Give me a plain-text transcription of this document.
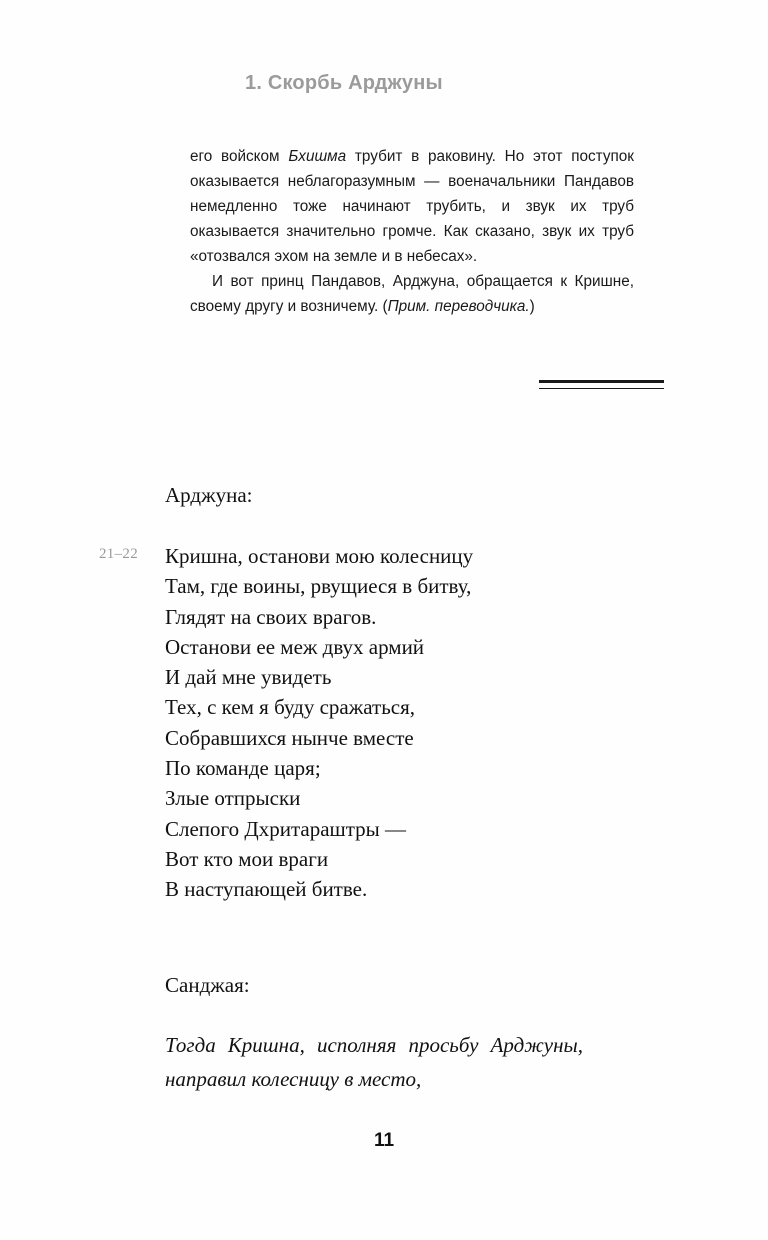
1. Скорбь Арджуны

его войском Бхишма трубит в раковину. Но этот поступок оказывается неблагоразумным — военачальники Пандавов немедленно тоже начинают трубить, и звук их труб оказывается значительно громче. Как сказано, звук их труб «отозвался эхом на земле и в небесах».

И вот принц Пандавов, Арджуна, обращается к Кришне, своему другу и возничему. (Прим. переводчика.)

Арджуна:
21–22 Кришна, останови мою колесницу
Там, где воины, рвущиеся в битву,
Глядят на своих врагов.
Останови ее меж двух армий
И дай мне увидеть
Тех, с кем я буду сражаться,
Собравшихся нынче вместе
По команде царя;
Злые отпрыски
Слепого Дхритараштры —
Вот кто мои враги
В наступающей битве.
Санджая:

Тогда Кришна, исполняя просьбу Арджуны, направил колесницу в место,

11
